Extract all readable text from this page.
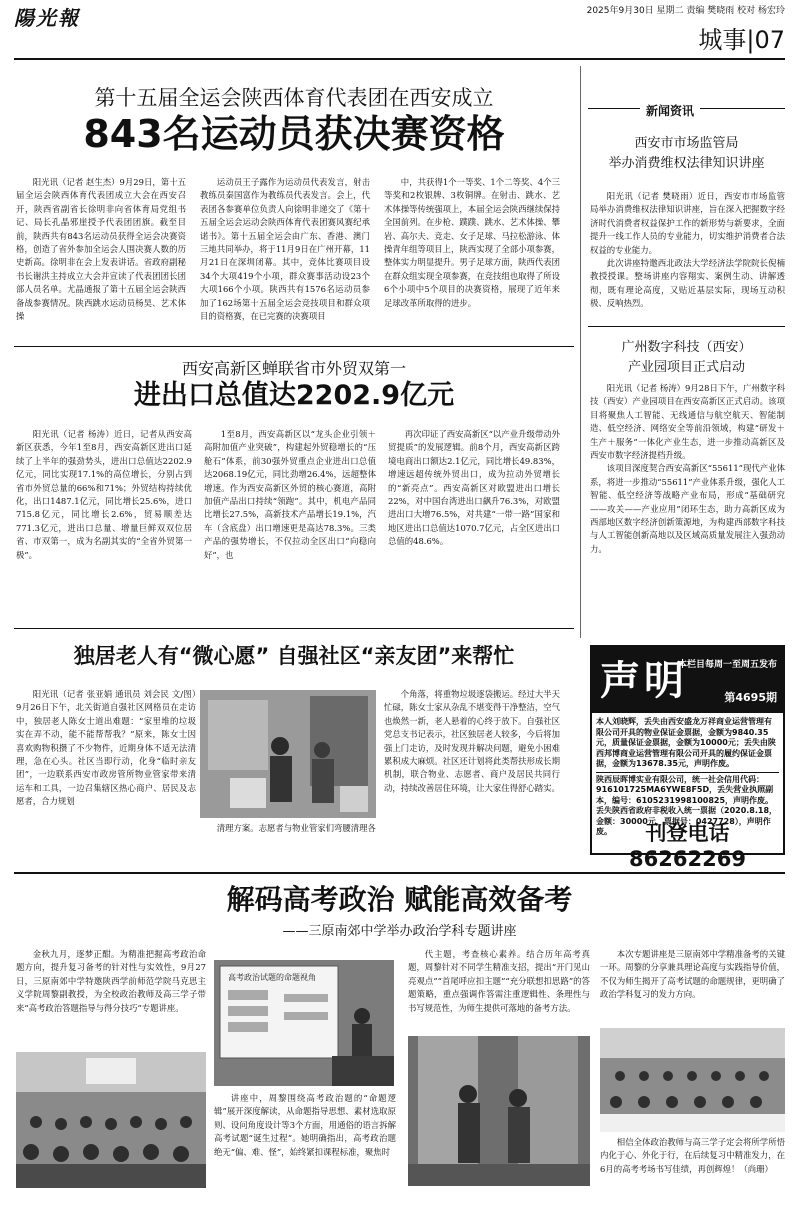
陽光報	2025年9月30日 星期二 责编 樊晓雨 校对 杨宏玲
城事|07
第十五届全运会陕西体育代表团在西安成立
843名运动员获决赛资格

阳光讯（记者 赵生杰）9月29日，第十五届全运会陕西体育代表团成立大会在西安召开，陕西省副省长徐明非向省体育局党组书记、局长孔晶邪崖授予代表团团旗。截至目前，陕西共有843名运动员获得全运会决赛资格，创造了省外参加全运会人围决赛人数的历史新高。徐明非在会上发表讲话。省政府副秘书长谢洪主持成立大会并宣读了代表团团长团部人员名单。尤晶通报了第十五届全运会陕西备战参赛情况。陕西跳水运动员杨昊、艺术体操

运动员王子露作为运动员代表发言，射击教练员秦国富作为教练员代表发言。会上，代表团各参赛单位负责人向徐明非递交了《第十五届全运会运动会陕西体育代表团赛风赛纪承诺书》。第十五届全运会由广东、香港、澳门三地共同举办，将于11月9日在广州开幕，11月21日在深圳闭幕。其中，竞体比赛项目设34个大项419个小项，群众赛事活动设23个大项166个小项。陕西共有1576名运动员参加了162场第十五届全运会竞技项目和群众项目的资格赛，在已完赛的决赛项目

中，共获得1个一等奖、1个二等奖、4个三等奖和2枚银牌、3枚铜牌。在射击、跳水、艺术体操等传统强项上，本届全运会陕西继续保持全国前列。在步枪、蹼蹼、跳水、艺术体操、攀岩、高尔夫、竞走、女子足球、马拉松游泳、体操青年组等项目上，陕西实现了全部小项参赛，整体实力明显提升。男子足球方面，陕西代表团在群众组实现全项参赛，在竞技组也取得了所设6个小项中5个项目的决赛资格，展现了近年来足球改革所取得的进步。

西安高新区蝉联省市外贸双第一
进出口总值达2202.9亿元

阳光讯（记者 杨涛）近日，记者从西安高新区获悉，今年1至8月，西安高新区进出口延续了上半年的强劲势头，进出口总值达2202.9亿元，同比实现17.1%的高位增长，分别占到省市外贸总量的66%和71%；外贸结构持续优化，出口1487.1亿元，同比增长25.6%，进口715.8亿元，同比增长2.6%，贸易顺差达771.3亿元，进出口总量、增量巨鲜双双位居省、市双第一，成为名副其实的“全省外贸第一极”。

1至8月，西安高新区以“龙头企业引领＋高附加值产业突破”，构建起外贸稳增长的“压舱石”体系，前30强外贸重点企业进出口总值达2068.19亿元，同比劲增26.4%，远超整体增速。作为西安高新区外贸的核心赛道，高附加值产品出口持续“领跑”。其中，机电产品同比增长27.5%，高新技术产品增长19.1%，汽车（含底盘）出口增速更是高达78.3%。三类产品的强势增长，不仅拉动全区出口“向稳向好”，也

再次印证了西安高新区“以产业升级带动外贸提质”的发展逻辑。前8个月，西安高新区跨境电商出口额达2.1亿元，同比增长49.83%，增速远超传统外贸出口，成为拉动外贸增长的“新亮点”。西安高新区对欧盟进出口增长22%，对中国台湾进出口飙升76.3%，对欧盟进出口大增76.5%，对共建“一带一路”国家和地区进出口总值达1070.7亿元，占全区进出口总值的48.6%。

新闻资讯
西安市市场监管局
举办消费维权法律知识讲座

阳光讯（记者 樊晓雨）近日，西安市市场监管局举办消费维权法律知识讲座，旨在深入把握数字经济时代消费者权益保护工作的新形势与新要求，全面提升一线工作人员的专业能力，切实维护消费者合法权益的专业能力。

此次讲座特邀西北政法大学经济法学院院长倪楠教授授课。整场讲座内容翔实、案例生动、讲解透彻，既有理论高度，又贴近基层实际，现场互动积极、反响热烈。

广州数字科技（西安）
产业园项目正式启动

阳光讯（记者 杨涛）9月28日下午，广州数字科技（西安）产业园项目在西安高新区正式启动。该项目将聚焦人工智能、无线通信与航空航天、智能制造、低空经济、网络安全等前沿领域，构建“研发＋生产＋服务”一体化产业生态，进一步推动高新区及西安市数字经济提档升级。

该项目深度契合西安高新区“55611”现代产业体系，将进一步推动“55611”产业体系升级，强化人工智能、低空经济等战略产业布局，形成“基础研究——攻关——产业应用”闭环生态，助力高新区成为西部地区数字经济创新策源地，为构建西部数字科技与人工智能创新高地以及区域高质量发展注入强劲动力。

独居老人有“微心愿” 自强社区“亲友团”来帮忙

阳光讯（记者 张亚娟 通讯员 刘会民 文/图）9月26日下午，北关街道自强社区网格员在走访中，独居老人陈女士道出难题：“家里堆的垃圾实在弄不动，能不能帮帮我？”原来，陈女士因喜欢购物积攒了不少物件，近期身体不适无法清理，急在心头。社区当即行动，化身“临时亲友团”，一边联系西安市政房管所物业管家带来清运车和工具，一边召集辖区热心商户、居民及志愿者，合力规划

清理方案。志愿者与物业管家们弯腰清理各

个角落，将重物垃圾逐袋搬运。经过大半天忙碌，陈女士家从杂乱不堪变得干净整洁，空气也焕然一新，老人悬着的心终于放下。自强社区党总支书记表示，社区独居老人较多，今后将加强上门走访，及时发现并解决问题，避免小困难累积成大麻烦。社区还计划将此类帮扶形成长期机制，联合物业、志愿者、商户及居民共同行动，持续改善居住环境，让大家住得舒心踏实。

声明
本栏目每周一至周五发布
第4695期
本人刘晓辉，丢失由西安盛龙万祥商业运营管理有限公司开具的物业保证金票据，金额为9840.35元，质量保证金票据，金额为10000元；丢失由陕西邦博商业运营管理有限公司开具的履约保证金票据，金额为13678.35元，声明作废。
陕西辰晖博实业有限公司，统一社会信用代码：916101725MA6YWE8F5D，丢失营业执照副本，编号：6105231998100825，声明作废。丢失陕西省政府非税收入统一票据（2020.8.18，金额：30000元，票据号：0427728），声明作废。	刊登电话86262269
解码高考政治 赋能高效备考
——三原南郊中学举办政治学科专题讲座

金秋九月，逐梦正酣。为精准把握高考政治命题方向，提升复习备考的针对性与实效性，9月27日，三原南郊中学特邀陕西学前师范学院马克思主义学院周黎副教授，为全校政治教师及高三学子带来“高考政治答题指导与得分技巧”专题讲座。

高考政治试题的命题视角

讲座中，周黎围绕高考政治题的“命题逻辑”展开深度解读，从命题指导思想、素材选取原则、设问角度设计等3个方面，用通俗的语言拆解高考试题“诞生过程”。她明确指出，高考政治题绝无“偏、难、怪”，始终紧扣课程标准，聚焦时

代主题，考查核心素养。结合历年高考真题，周黎针对不同学生精准支招，提出“开门见山亮观点”“首尾呼应扣主题”“充分联想扣思路”的答题策略，重点强调作答需注重逻辑性、条理性与书写规范性，为师生提供可落地的备考方法。

本次专题讲座是三原南郊中学精准备考的关键一环。周黎的分享兼具理论高度与实践指导价值，不仅为师生揭开了高考试题的命题规律，更明确了政治学科复习的发力方向。

相信全体政治教师与高三学子定会将所学所悟内化于心、外化于行，在后续复习中精准发力，在6月的高考考场书写佳绩，再创辉煌！（尚珊）
